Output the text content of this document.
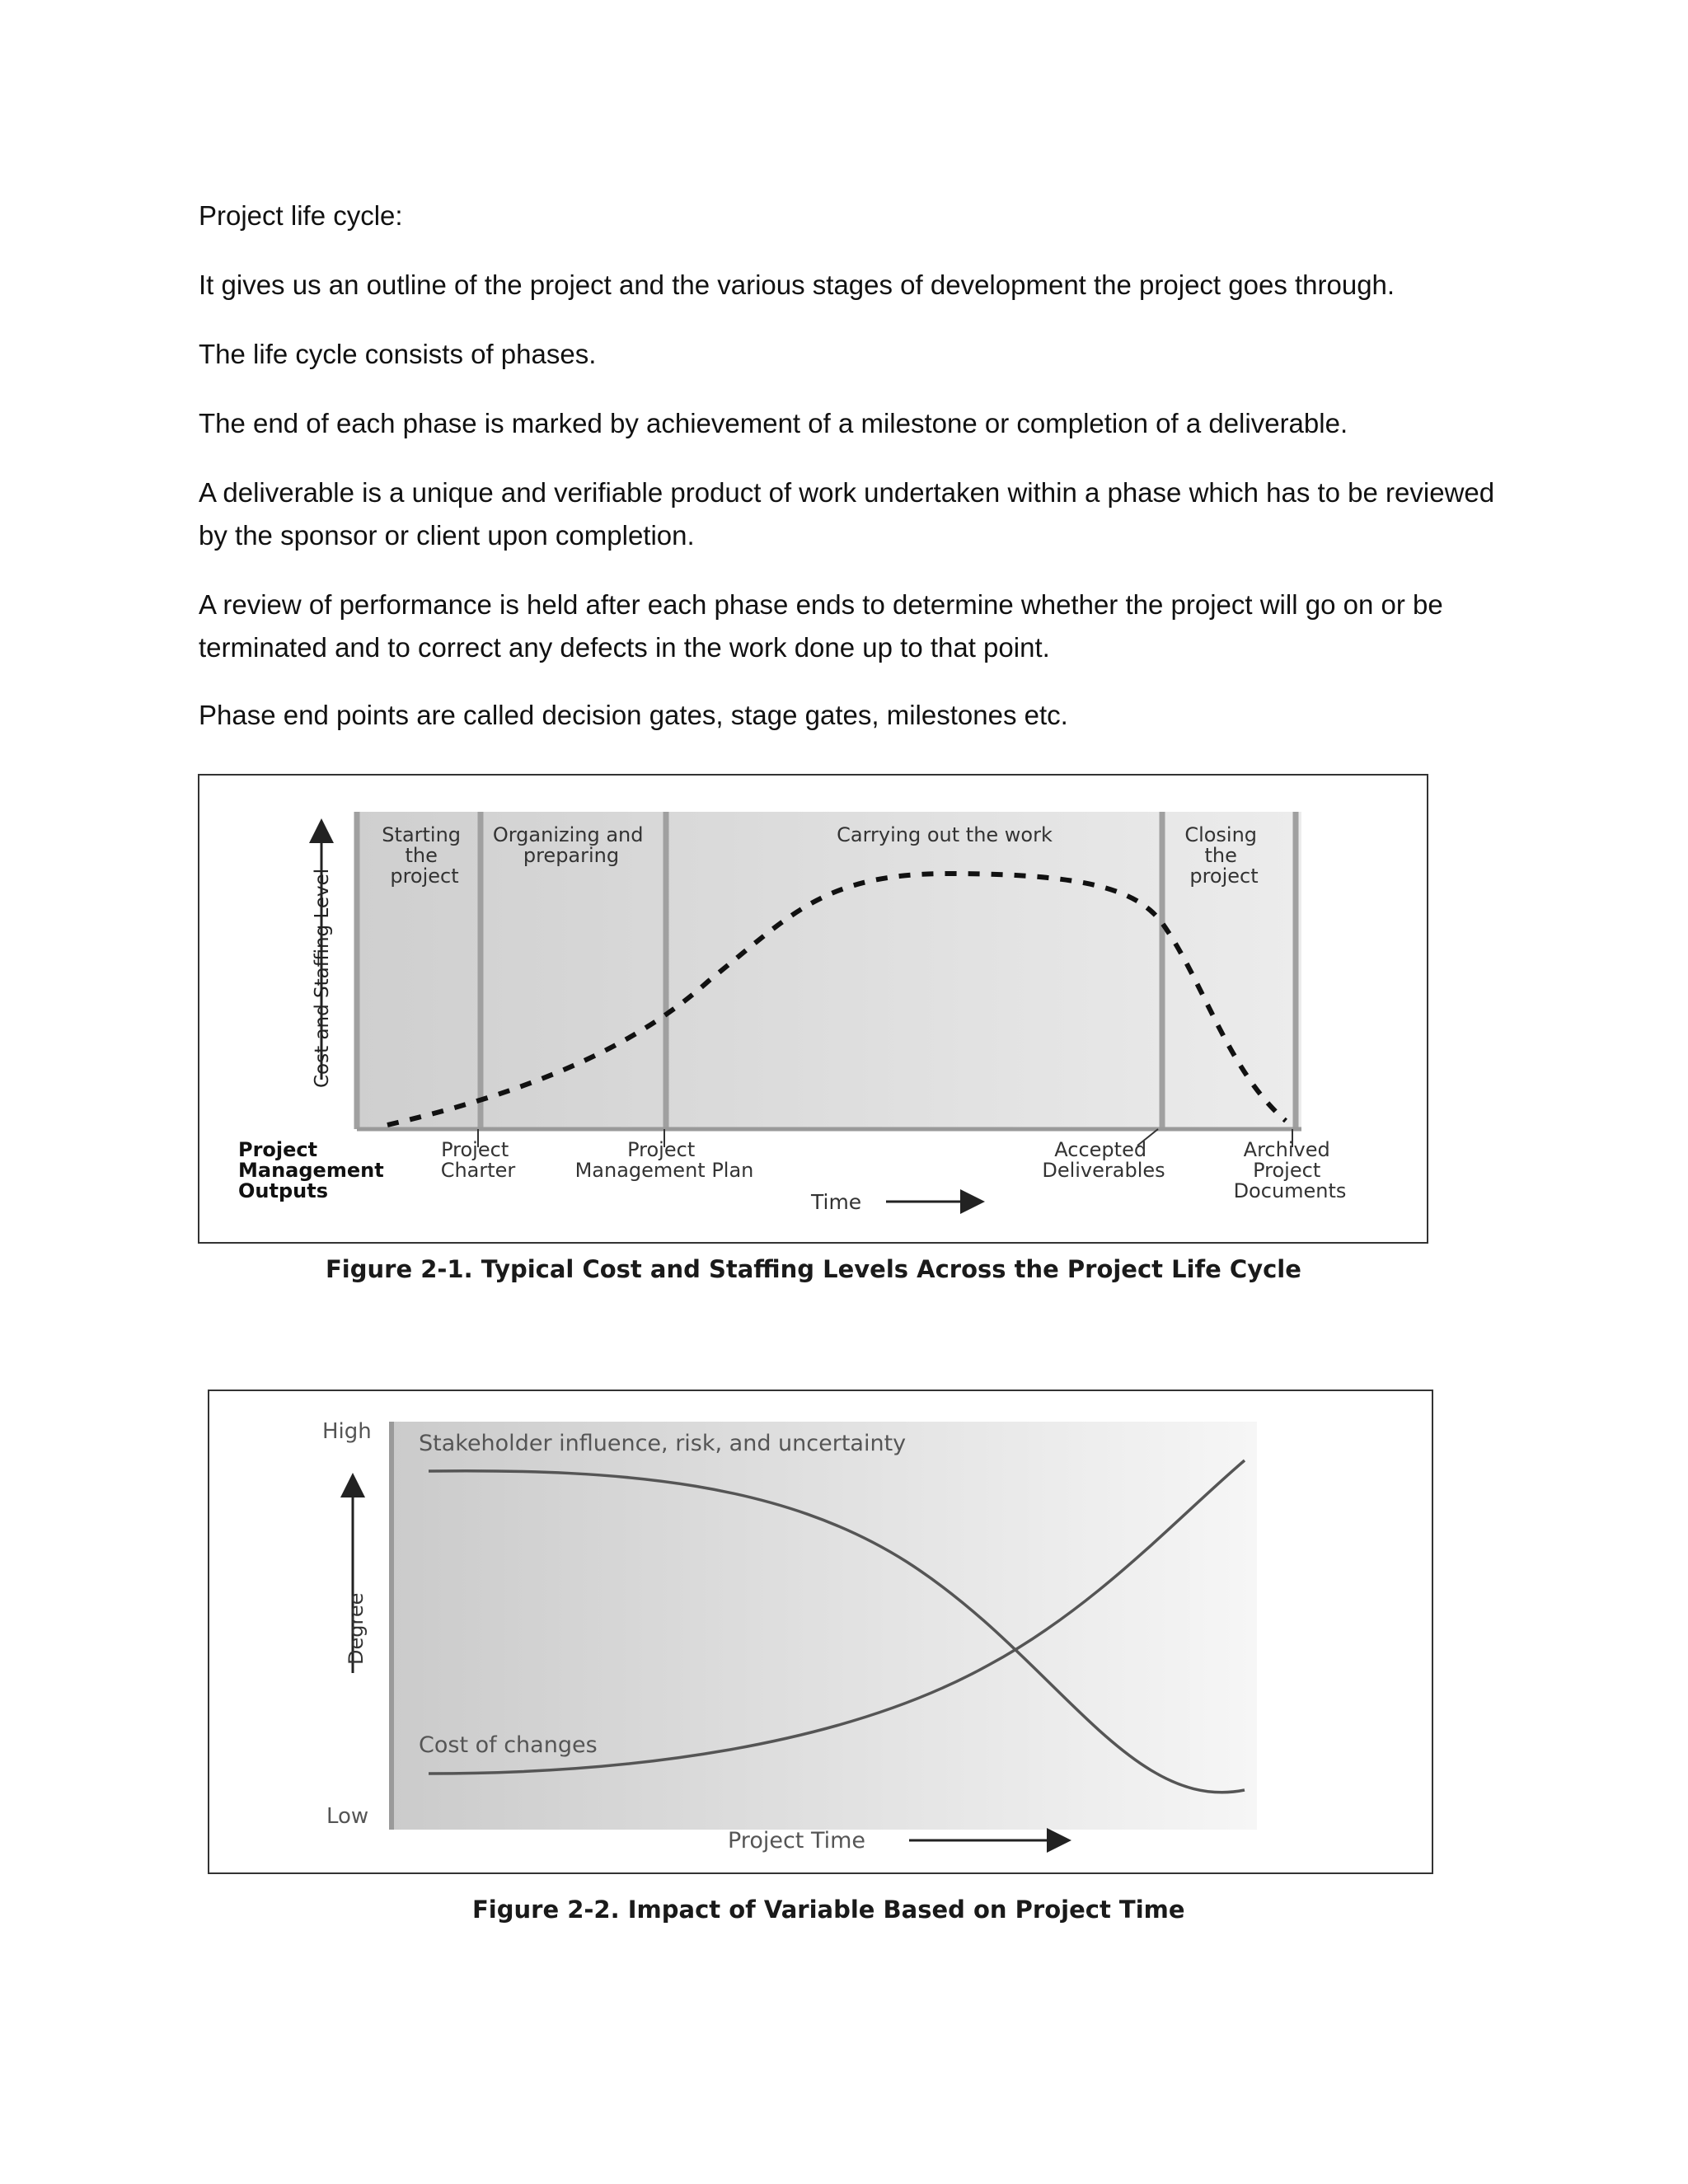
Project life cycle:

It gives us an outline of the project and the various stages of development the project goes through.

The life cycle consists of phases.

The end of each phase is marked by achievement of a milestone or completion of a deliverable.

A deliverable is a unique and verifiable product of work undertaken within a phase which has to be reviewed by the sponsor or client upon completion.

A review of performance is held after each phase ends to determine whether the project will go on or be terminated and to correct any defects in the work done up to that point.

Phase end points are called decision gates, stage gates, milestones etc.

Cost and Staffing Level
Starting the project
Organizing and preparing
Carrying out the work	Closing the project
Project Management Outputs
Project Charter
Project Management Plan
Accepted Deliverables
Archived Project Documents
Time
Figure 2-1. Typical Cost and Staffing Levels Across the Project Life Cycle
High
Low
Degree
Stakeholder influence, risk, and uncertainty
Cost of changes
Project Time
Figure 2-2. Impact of Variable Based on Project Time
